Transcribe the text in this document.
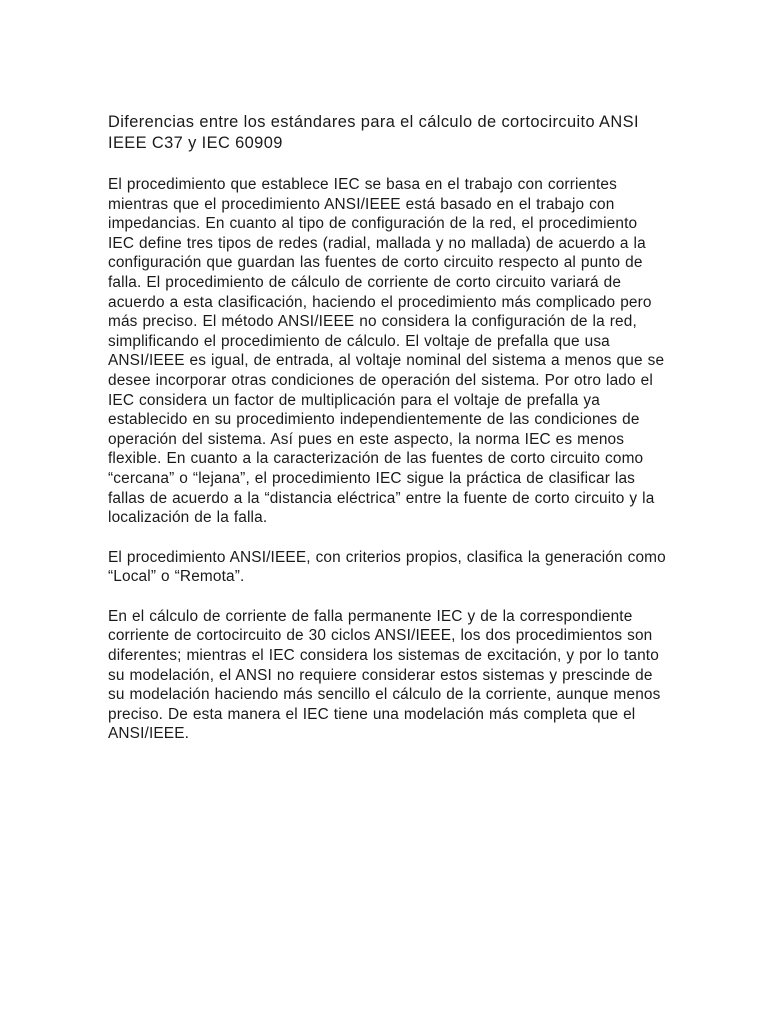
Diferencias entre los estándares para el cálculo de cortocircuito ANSI IEEE C37 y IEC 60909

El procedimiento que establece IEC se basa en el trabajo con corrientes mientras que el procedimiento ANSI/IEEE está basado en el trabajo con impedancias. En cuanto al tipo de configuración de la red, el procedimiento IEC define tres tipos de redes (radial, mallada y no mallada) de acuerdo a la configuración que guardan las fuentes de corto circuito respecto al punto de falla. El procedimiento de cálculo de corriente de corto circuito variará de acuerdo a esta clasificación, haciendo el procedimiento más complicado pero más preciso. El método ANSI/IEEE no considera la configuración de la red, simplificando el procedimiento de cálculo. El voltaje de prefalla que usa ANSI/IEEE es igual, de entrada, al voltaje nominal del sistema a menos que se desee incorporar otras condiciones de operación del sistema. Por otro lado el IEC considera un factor de multiplicación para el voltaje de prefalla ya establecido en su procedimiento independientemente de las condiciones de operación del sistema. Así pues en este aspecto, la norma IEC es menos flexible. En cuanto a la caracterización de las fuentes de corto circuito como “cercana” o “lejana”, el procedimiento IEC sigue la práctica de clasificar las fallas de acuerdo a la “distancia eléctrica” entre la fuente de corto circuito y la localización de la falla.

El procedimiento ANSI/IEEE, con criterios propios, clasifica la generación como “Local” o “Remota”.

En el cálculo de corriente de falla permanente IEC y de la correspondiente corriente de cortocircuito de 30 ciclos ANSI/IEEE, los dos procedimientos son diferentes; mientras el IEC considera los sistemas de excitación, y por lo tanto su modelación, el ANSI no requiere considerar estos sistemas y prescinde de su modelación haciendo más sencillo el cálculo de la corriente, aunque menos preciso. De esta manera el IEC tiene una modelación más completa que el ANSI/IEEE.
